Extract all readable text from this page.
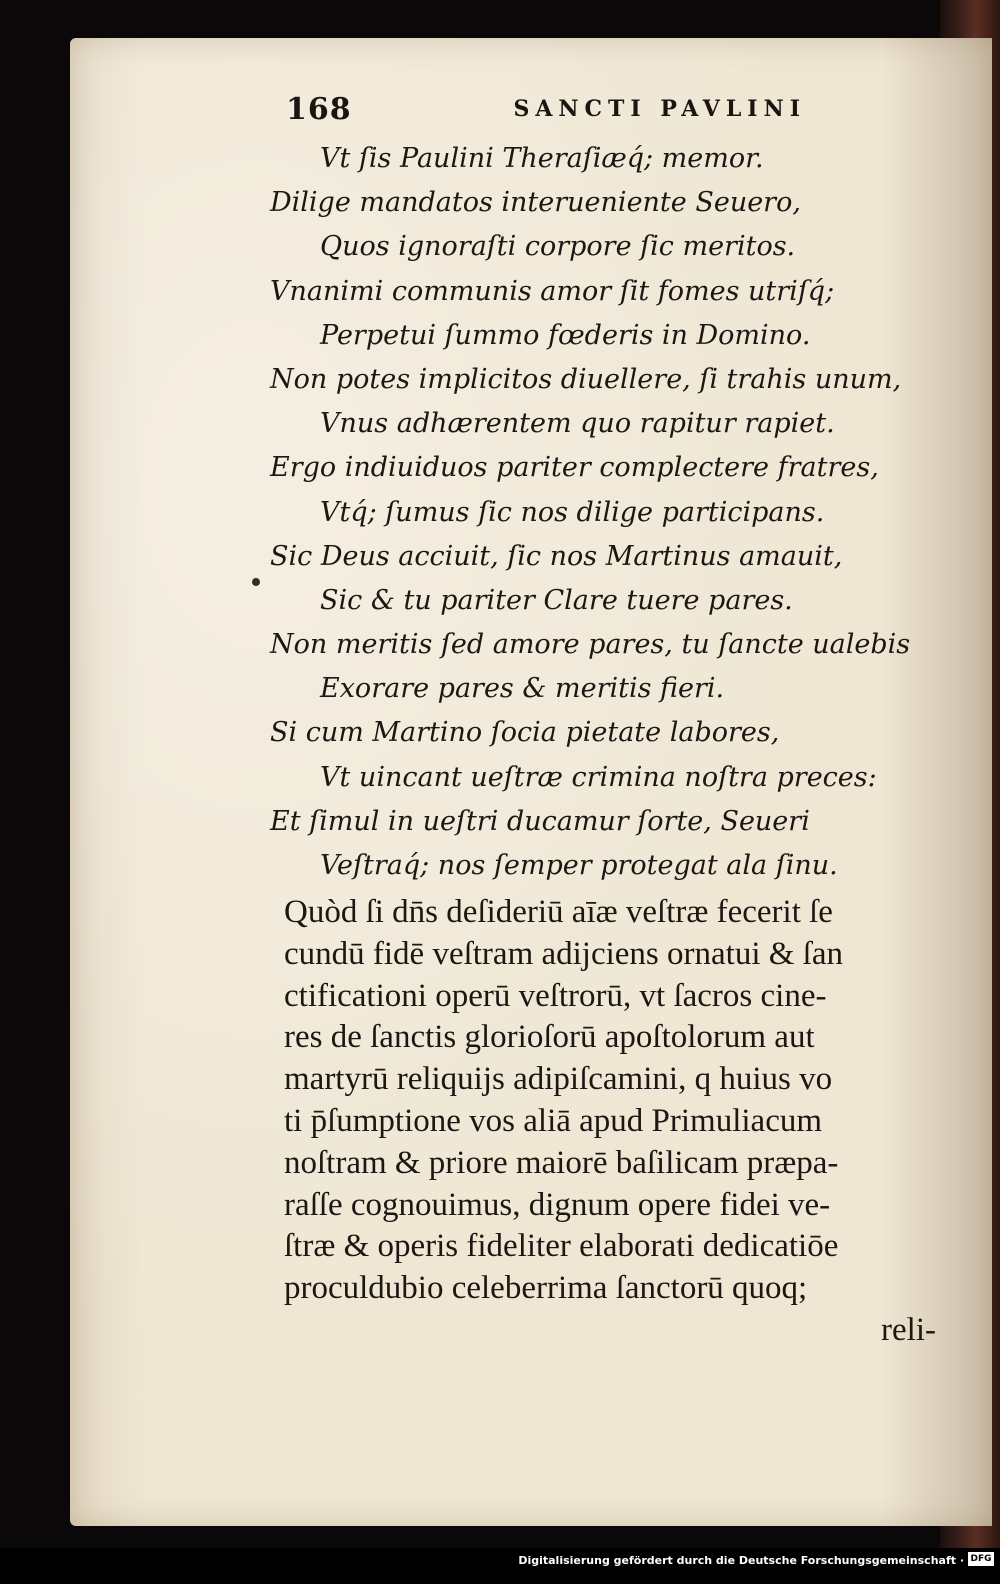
168	SANCTI PAVLINI
Vt ſis Paulini Theraſiæq́; memor.
Dilige mandatos interueniente Seuero,
Quos ignoraſti corpore ſic meritos.
Vnanimi communis amor ſit fomes utriſq́;
Perpetui ſummo fœderis in Domino.
Non potes implicitos diuellere, ſi trahis unum,
Vnus adhærentem quo rapitur rapiet.
Ergo indiuiduos pariter complectere fratres,
Vtq́; ſumus ſic nos dilige participans.
Sic Deus acciuit, ſic nos Martinus amauit,
Sic & tu pariter Clare tuere pares.
Non meritis ſed amore pares, tu ſancte ualebis
Exorare pares & meritis fieri.
Si cum Martino ſocia pietate labores,
Vt uincant ueſtræ crimina noſtra preces:
Et ſimul in ueſtri ducamur ſorte, Seueri
Veſtraq́; nos ſemper protegat ala ſinu.
Quòd ſi dn̄s deſideriū aīæ veſtræ fecerit ſe
cundū fidē veſtram adijciens ornatui & ſan
ctificationi operū veſtrorū, vt ſacros cine-
res de ſanctis glorioſorū apoſtolorum aut
martyrū reliquijs adipiſcamini, q huius vo
ti p̄ſumptione vos aliā apud Primuliacum
noſtram & priore maiorē baſilicam præpa-
raſſe cognouimus, dignum opere fidei ve-
ſtræ & operis fideliter elaborati dedicatiōe
proculdubio celeberrima ſanctorū quoq;
reli-
Digitalisierung gefördert durch die Deutsche Forschungsgemeinschaft · DFG
